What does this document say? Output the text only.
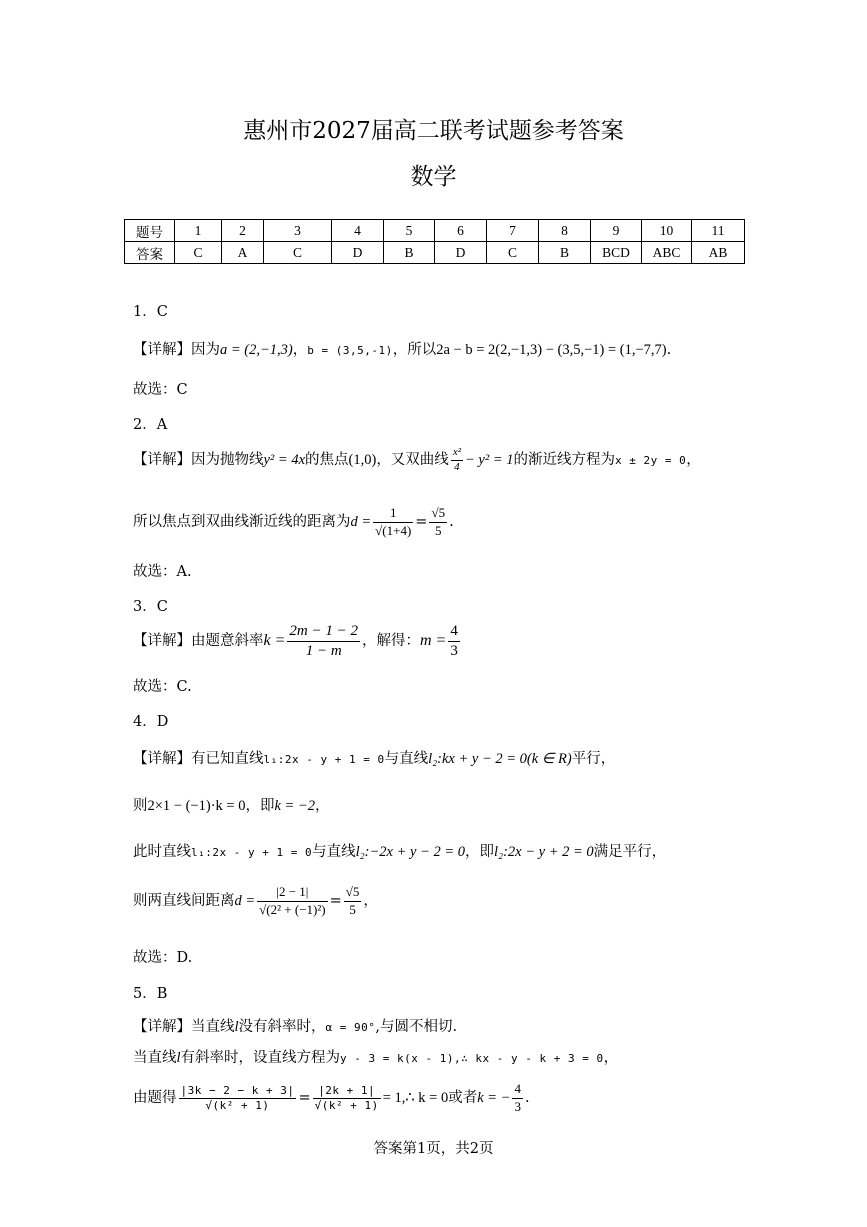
惠州市2027届高二联考试题参考答案
数学
题号	1	2	3	4	5	6	7	8	9	10	11
答案	C	A	C	D	B	D	C	B	BCD	ABC	AB
1．C
【详解】因为a = (2,−1,3)，b = (3,5,-1)，所以2a − b = 2(2,−1,3) − (3,5,−1) = (1,−7,7).
故选：C
2．A
【详解】因为抛物线y² = 4x的焦点(1,0)，又双曲线 $\frac{\text{x²}}{4} - y^2 = 1$的渐近线方程为x ± 2y = 0，
所以焦点到双曲线渐近线的距离为$d = \frac{1}{√(1+4)} = \frac{√5}{5}$ .
故选：A.
3．C
【详解】由题意斜率$k = \frac{2m - 1 - 2}{1 - m}$ ，解得：$m = \frac{4}{3}$
故选：C.
4．D
【详解】有已知直线l₁:2x - y + 1 = 0与直线l₂:kx + y − 2 = 0(k ∈ R)平行，
则2×1 − (−1)·k = 0，即k = −2，
此时直线l₁:2x - y + 1 = 0与直线l₂:−2x + y − 2 = 0，即l₂:2x − y + 2 = 0满足平行，
则两直线间距离$d = \frac{|2 - 1|}{\text{√(2² + (−1)²)}} = \frac{√5}{5}$ ，
故选：D.
5．B
【详解】当直线l没有斜率时，α = 90°,与圆不相切.
当直线l有斜率时，设直线方程为y - 3 = k(x - 1),∴ kx - y - k + 3 = 0，
由题得 $\frac{|3k - 2 - k + 3|}{\text{√(k² + 1)}} = \frac{|2k + 1|}{\text{√(k² + 1)}}$ = 1,∴ k = 0或者k = − $\frac{4}{3}$ .
答案第1页，共2页
